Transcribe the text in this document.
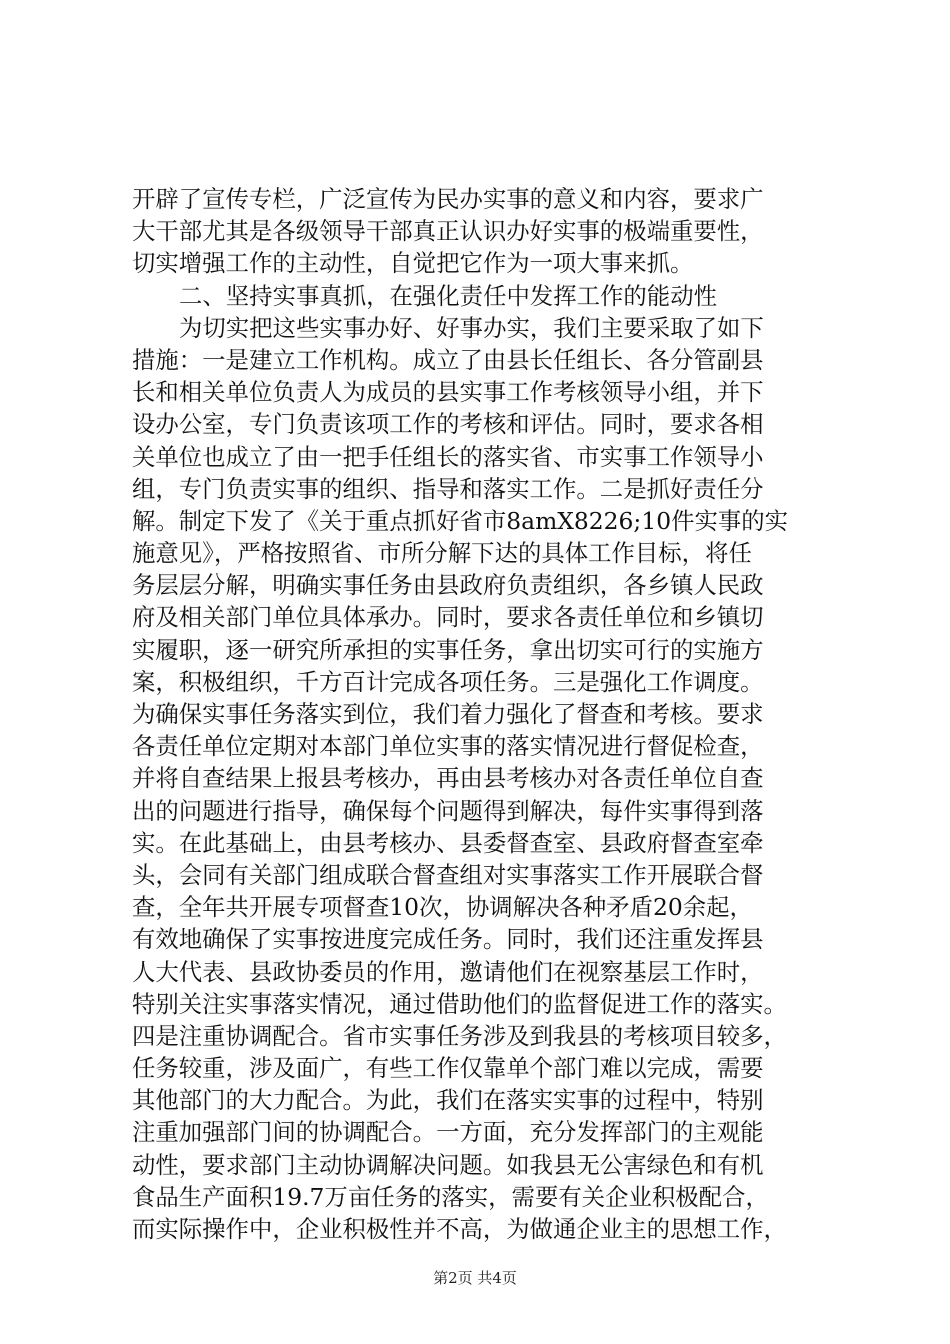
开辟了宣传专栏，广泛宣传为民办实事的意义和内容，要求广
大干部尤其是各级领导干部真正认识办好实事的极端重要性，
切实增强工作的主动性，自觉把它作为一项大事来抓。
二、坚持实事真抓，在强化责任中发挥工作的能动性
为切实把这些实事办好、好事办实，我们主要采取了如下
措施：一是建立工作机构。成立了由县长任组长、各分管副县
长和相关单位负责人为成员的县实事工作考核领导小组，并下
设办公室，专门负责该项工作的考核和评估。同时，要求各相
关单位也成立了由一把手任组长的落实省、市实事工作领导小
组，专门负责实事的组织、指导和落实工作。二是抓好责任分
解。制定下发了《关于重点抓好省市8amX8226;10件实事的实
施意见》，严格按照省、市所分解下达的具体工作目标，将任
务层层分解，明确实事任务由县政府负责组织，各乡镇人民政
府及相关部门单位具体承办。同时，要求各责任单位和乡镇切
实履职，逐一研究所承担的实事任务，拿出切实可行的实施方
案，积极组织，千方百计完成各项任务。三是强化工作调度。
为确保实事任务落实到位，我们着力强化了督查和考核。要求
各责任单位定期对本部门单位实事的落实情况进行督促检查，
并将自查结果上报县考核办，再由县考核办对各责任单位自查
出的问题进行指导，确保每个问题得到解决，每件实事得到落
实。在此基础上，由县考核办、县委督查室、县政府督查室牵
头，会同有关部门组成联合督查组对实事落实工作开展联合督
查，全年共开展专项督查10次，协调解决各种矛盾20余起，
有效地确保了实事按进度完成任务。同时，我们还注重发挥县
人大代表、县政协委员的作用，邀请他们在视察基层工作时，
特别关注实事落实情况，通过借助他们的监督促进工作的落实。
四是注重协调配合。省市实事任务涉及到我县的考核项目较多，
任务较重，涉及面广，有些工作仅靠单个部门难以完成，需要
其他部门的大力配合。为此，我们在落实实事的过程中，特别
注重加强部门间的协调配合。一方面，充分发挥部门的主观能
动性，要求部门主动协调解决问题。如我县无公害绿色和有机
食品生产面积19.7万亩任务的落实，需要有关企业积极配合，
而实际操作中，企业积极性并不高，为做通企业主的思想工作，
第2页 共4页
